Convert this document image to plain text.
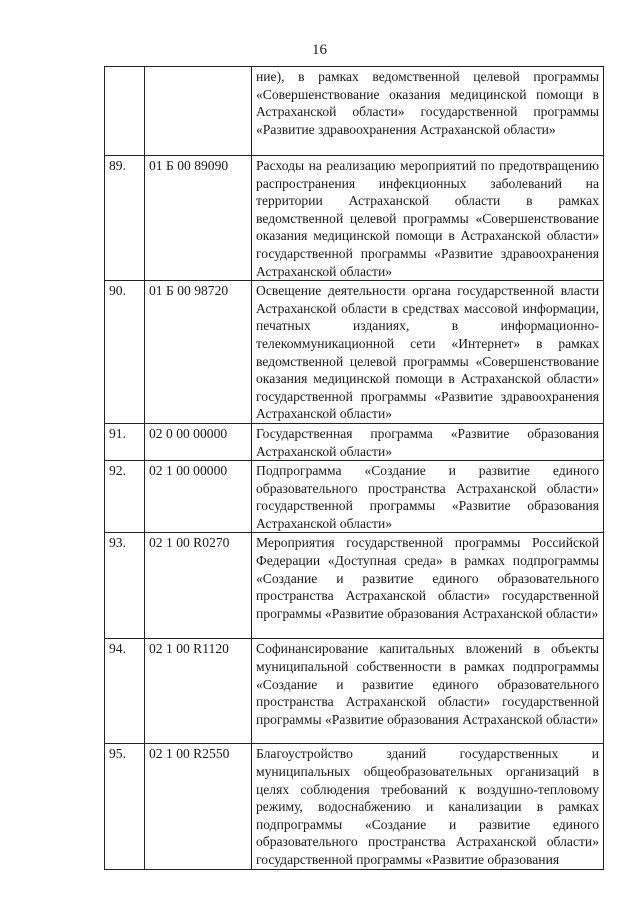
16
		ние), в рамках ведомственной целевой программы «Совершенствование оказания медицинской помощи в Астраханской области» государственной программы «Развитие здравоохранения Астраханской области»
89.	01 Б 00 89090	Расходы на реализацию мероприятий по предотвращению распространения инфекционных заболеваний на территории Астраханской области в рамках ведомственной целевой программы «Совершенствование оказания медицинской помощи в Астраханской области» государственной программы «Развитие здравоохранения Астраханской области»
90.	01 Б 00 98720	Освещение деятельности органа государственной власти Астраханской области в средствах массовой информации, печатных изданиях, в информационно-телекоммуникационной сети «Интернет» в рамках ведомственной целевой программы «Совершенствование оказания медицинской помощи в Астраханской области» государственной программы «Развитие здравоохранения Астраханской области»
91.	02 0 00 00000	Государственная программа «Развитие образования Астраханской области»
92.	02 1 00 00000	Подпрограмма «Создание и развитие единого образовательного пространства Астраханской области» государственной программы «Развитие образования Астраханской области»
93.	02 1 00 R0270	Мероприятия государственной программы Российской Федерации «Доступная среда» в рамках подпрограммы «Создание и развитие единого образовательного пространства Астраханской области» государственной программы «Развитие образования Астраханской области»
94.	02 1 00 R1120	Софинансирование капитальных вложений в объекты муниципальной собственности в рамках подпрограммы «Создание и развитие единого образовательного пространства Астраханской области» государственной программы «Развитие образования Астраханской области»
95.	02 1 00 R2550	Благоустройство зданий государственных и муниципальных общеобразовательных организаций в целях соблюдения требований к воздушно-тепловому режиму, водоснабжению и канализации в рамках подпрограммы «Создание и развитие единого образовательного пространства Астраханской области» государственной программы «Развитие образования
